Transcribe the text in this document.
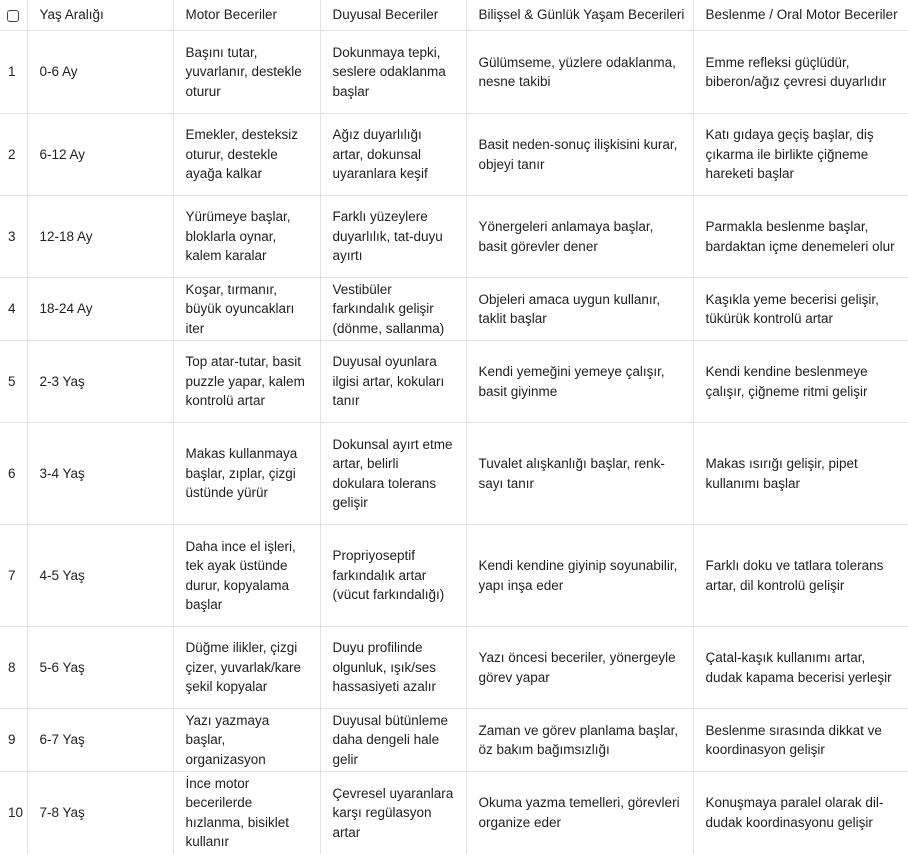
	Yaş Aralığı	Motor Beceriler	Duyusal Beceriler	Bilişsel & Günlük Yaşam Becerileri	Beslenme / Oral Motor Beceriler
1	0-6 Ay	Başını tutar, yuvarlanır, destekle oturur	Dokunmaya tepki, seslere odaklanma başlar	Gülümseme, yüzlere odaklanma, nesne takibi	Emme refleksi güçlüdür, biberon/ağız çevresi duyarlıdır
2	6-12 Ay	Emekler, desteksiz oturur, destekle ayağa kalkar	Ağız duyarlılığı artar, dokunsal uyaranlara keşif	Basit neden-sonuç ilişkisini kurar, objeyi tanır	Katı gıdaya geçiş başlar, diş çıkarma ile birlikte çiğneme hareketi başlar
3	12-18 Ay	Yürümeye başlar, bloklarla oynar, kalem karalar	Farklı yüzeylere duyarlılık, tat-duyu ayırtı	Yönergeleri anlamaya başlar, basit görevler dener	Parmakla beslenme başlar, bardaktan içme denemeleri olur
4	18-24 Ay	Koşar, tırmanır, büyük oyuncakları iter	Vestibüler farkındalık gelişir (dönme, sallanma)	Objeleri amaca uygun kullanır, taklit başlar	Kaşıkla yeme becerisi gelişir, tükürük kontrolü artar
5	2-3 Yaş	Top atar-tutar, basit puzzle yapar, kalem kontrolü artar	Duyusal oyunlara ilgisi artar, kokuları tanır	Kendi yemeğini yemeye çalışır, basit giyinme	Kendi kendine beslenmeye çalışır, çiğneme ritmi gelişir
6	3-4 Yaş	Makas kullanmaya başlar, zıplar, çizgi üstünde yürür	Dokunsal ayırt etme artar, belirli dokulara tolerans gelişir	Tuvalet alışkanlığı başlar, renk-sayı tanır	Makas ısırığı gelişir, pipet kullanımı başlar
7	4-5 Yaş	Daha ince el işleri, tek ayak üstünde durur, kopyalama başlar	Propriyoseptif farkındalık artar (vücut farkındalığı)	Kendi kendine giyinip soyunabilir, yapı inşa eder	Farklı doku ve tatlara tolerans artar, dil kontrolü gelişir
8	5-6 Yaş	Düğme ilikler, çizgi çizer, yuvarlak/kare şekil kopyalar	Duyu profilinde olgunluk, ışık/ses hassasiyeti azalır	Yazı öncesi beceriler, yönergeyle görev yapar	Çatal-kaşık kullanımı artar, dudak kapama becerisi yerleşir
9	6-7 Yaş	Yazı yazmaya başlar, organizasyon	Duyusal bütünleme daha dengeli hale gelir	Zaman ve görev planlama başlar, öz bakım bağımsızlığı	Beslenme sırasında dikkat ve koordinasyon gelişir
10	7-8 Yaş	İnce motor becerilerde hızlanma, bisiklet kullanır	Çevresel uyaranlara karşı regülasyon artar	Okuma yazma temelleri, görevleri organize eder	Konuşmaya paralel olarak dil-dudak koordinasyonu gelişir
